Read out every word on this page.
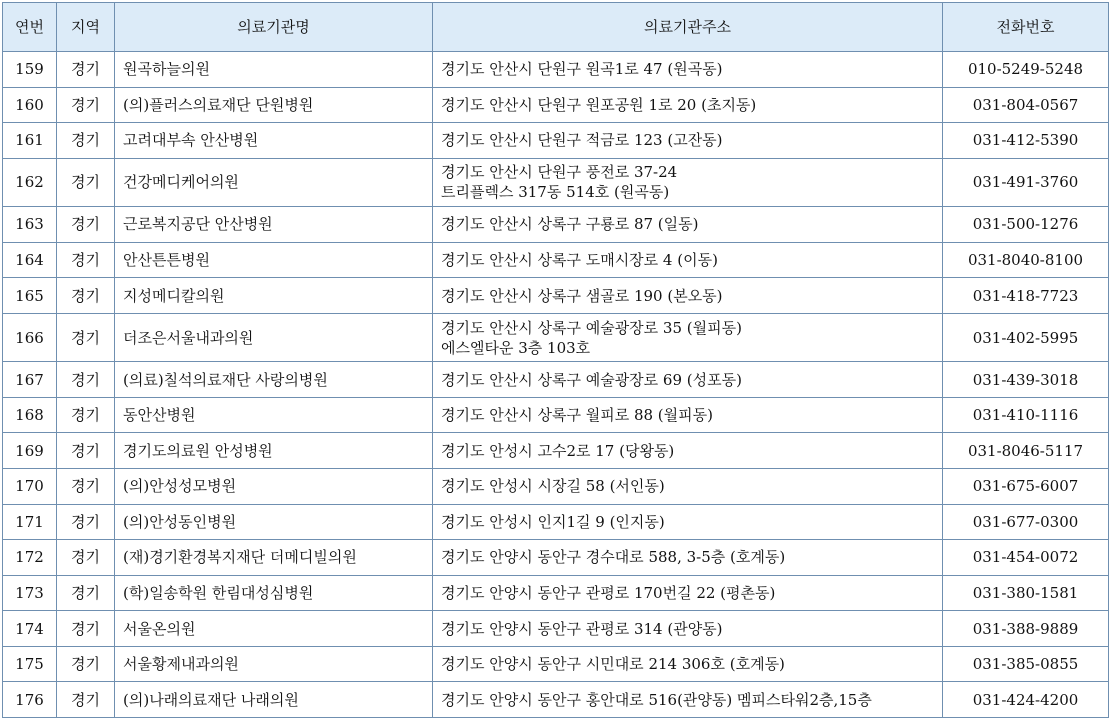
연번	지역	의료기관명	의료기관주소	전화번호
159	경기	원곡하늘의원	경기도 안산시 단원구 원곡1로 47 (원곡동)	010-5249-5248
160	경기	(의)플러스의료재단 단원병원	경기도 안산시 단원구 원포공원 1로 20 (초지동)	031-804-0567
161	경기	고려대부속 안산병원	경기도 안산시 단원구 적금로 123 (고잔동)	031-412-5390
162	경기	건강메디케어의원	경기도 안산시 단원구 풍전로 37-24
트리플렉스 317동 514호 (원곡동)	031-491-3760
163	경기	근로복지공단 안산병원	경기도 안산시 상록구 구룡로 87 (일동)	031-500-1276
164	경기	안산튼튼병원	경기도 안산시 상록구 도매시장로 4 (이동)	031-8040-8100
165	경기	지성메디칼의원	경기도 안산시 상록구 샘골로 190 (본오동)	031-418-7723
166	경기	더조은서울내과의원	경기도 안산시 상록구 예술광장로 35 (월피동)
에스엘타운 3층 103호	031-402-5995
167	경기	(의료)칠석의료재단 사랑의병원	경기도 안산시 상록구 예술광장로 69 (성포동)	031-439-3018
168	경기	동안산병원	경기도 안산시 상록구 월피로 88 (월피동)	031-410-1116
169	경기	경기도의료원 안성병원	경기도 안성시 고수2로 17 (당왕동)	031-8046-5117
170	경기	(의)안성성모병원	경기도 안성시 시장길 58 (서인동)	031-675-6007
171	경기	(의)안성동인병원	경기도 안성시 인지1길 9 (인지동)	031-677-0300
172	경기	(재)경기환경복지재단 더메디빌의원	경기도 안양시 동안구 경수대로 588, 3-5층 (호계동)	031-454-0072
173	경기	(학)일송학원 한림대성심병원	경기도 안양시 동안구 관평로 170번길 22 (평촌동)	031-380-1581
174	경기	서울온의원	경기도 안양시 동안구 관평로 314 (관양동)	031-388-9889
175	경기	서울황제내과의원	경기도 안양시 동안구 시민대로 214 306호 (호계동)	031-385-0855
176	경기	(의)나래의료재단 나래의원	경기도 안양시 동안구 홍안대로 516(관양동) 멤피스타워2층,15층	031-424-4200
